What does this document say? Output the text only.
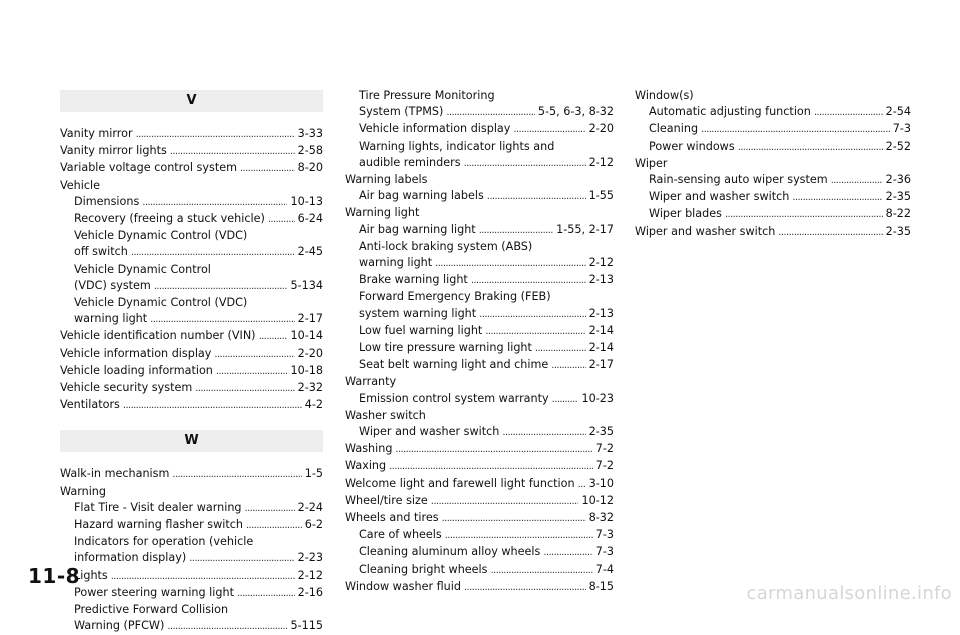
V
Vanity mirror . . .	3-33
Vanity mirror lights . . .	2-58
Variable voltage control system . . .	8-20
Vehicle
Dimensions . . .	10-13
Recovery (freeing a stuck vehicle) . . .	6-24
Vehicle Dynamic Control (VDC)
off switch . . .	2-45
Vehicle Dynamic Control
(VDC) system . . .	5-134
Vehicle Dynamic Control (VDC)
warning light . . .	2-17
Vehicle identification number (VIN) . . .	10-14
Vehicle information display . . .	2-20
Vehicle loading information . . .	10-18
Vehicle security system . . .	2-32
Ventilators . . .	4-2
W
Walk-in mechanism . . .	1-5
Warning
Flat Tire - Visit dealer warning . . .	2-24
Hazard warning flasher switch . . .	6-2
Indicators for operation (vehicle
information display) . . .	2-23
Lights . . .	2-12
Power steering warning light . . .	2-16
Predictive Forward Collision
Warning (PFCW) . . .	5-115
Tire Pressure Monitoring
System (TPMS) . . .	5-5, 6-3, 8-32
Vehicle information display . . .	2-20
Warning lights, indicator lights and
audible reminders . . .	2-12
Warning labels
Air bag warning labels . . .	1-55
Warning light
Air bag warning light . . .	1-55, 2-17
Anti-lock braking system (ABS)
warning light . . .	2-12
Brake warning light . . .	2-13
Forward Emergency Braking (FEB)
system warning light . . .	2-13
Low fuel warning light . . .	2-14
Low tire pressure warning light . . .	2-14
Seat belt warning light and chime . . .	2-17
Warranty
Emission control system warranty . . .	10-23
Washer switch
Wiper and washer switch . . .	2-35
Washing . . .	7-2
Waxing . . .	7-2
Welcome light and farewell light function . . . 3-10
Wheel/tire size . . .	10-12
Wheels and tires . . .	8-32
Care of wheels . . .	7-3
Cleaning aluminum alloy wheels . . .	7-3
Cleaning bright wheels . . .	7-4
Window washer fluid . . .	8-15
Window(s)
Automatic adjusting function . . .	2-54
Cleaning . . .	7-3
Power windows . . .	2-52
Wiper
Rain-sensing auto wiper system . . .	2-36
Wiper and washer switch . . .	2-35
Wiper blades . . .	8-22
Wiper and washer switch . . .	2-35
11-8
carmanualsonline.info
